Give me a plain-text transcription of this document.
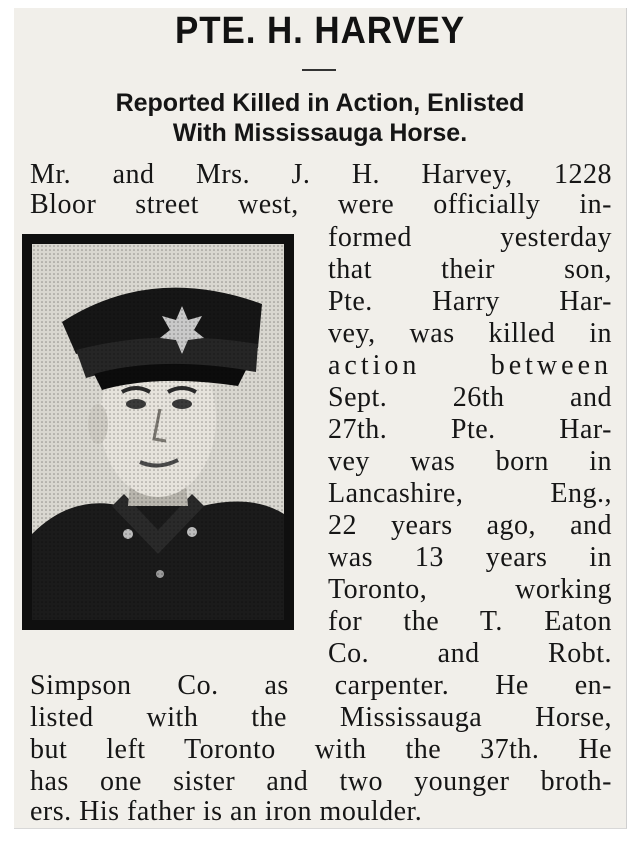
PTE. H. HARVEY
Reported Killed in Action, Enlisted
With Mississauga Horse.
Mr. and Mrs. J. H. Harvey, 1228
Bloor street west, were officially in-
formed yesterday
that their son,
Pte. Harry Har-
vey, was killed in
action between
Sept. 26th and
27th. Pte. Har-
vey was born in
Lancashire, Eng.,
22 years ago, and
was 13 years in
Toronto, working
for the T. Eaton
Co. and Robt.
Simpson Co. as carpenter. He en-
listed with the Mississauga Horse,
but left Toronto with the 37th. He
has one sister and two younger broth-
ers. His father is an iron moulder.
